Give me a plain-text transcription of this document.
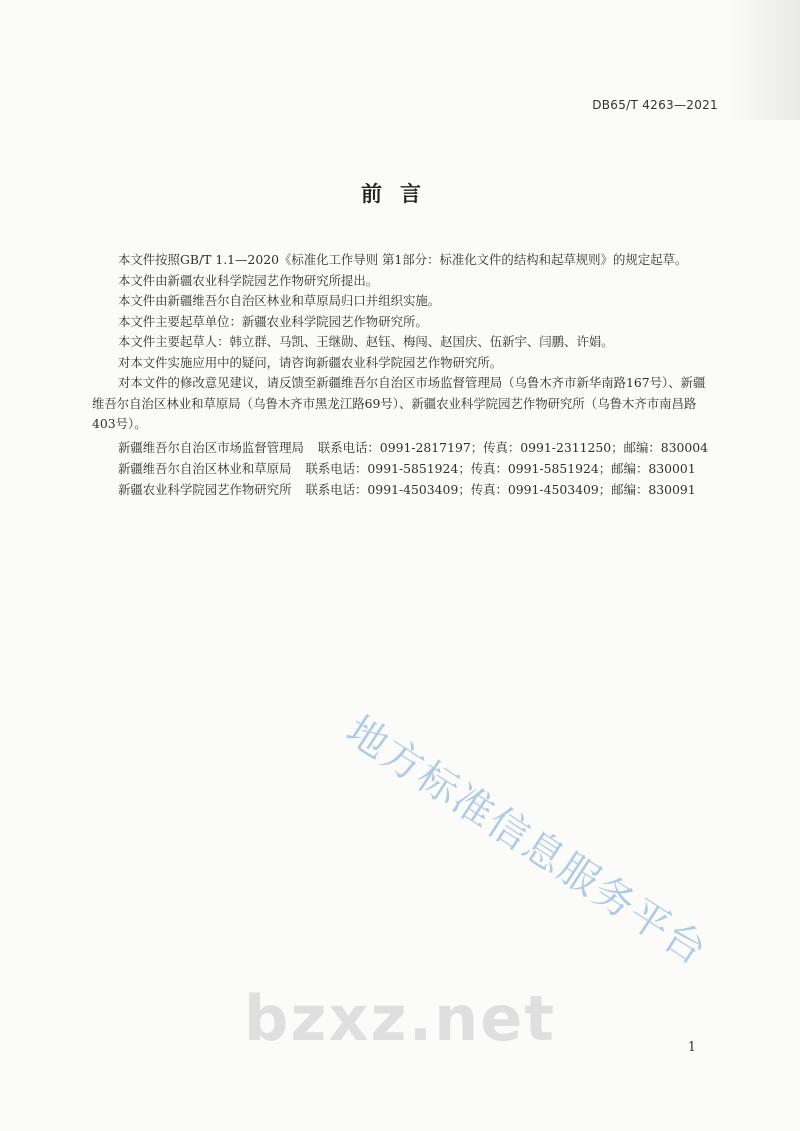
DB65/T 4263—2021
前言

本文件按照GB/T 1.1—2020《标准化工作导则 第1部分：标准化文件的结构和起草规则》的规定起草。

本文件由新疆农业科学院园艺作物研究所提出。

本文件由新疆维吾尔自治区林业和草原局归口并组织实施。

本文件主要起草单位：新疆农业科学院园艺作物研究所。

本文件主要起草人：韩立群、马凯、王继勋、赵钰、梅闯、赵国庆、伍新宇、闫鹏、许娟。

对本文件实施应用中的疑问，请咨询新疆农业科学院园艺作物研究所。

对本文件的修改意见建议，请反馈至新疆维吾尔自治区市场监督管理局（乌鲁木齐市新华南路167号）、新疆维吾尔自治区林业和草原局（乌鲁木齐市黑龙江路69号）、新疆农业科学院园艺作物研究所（乌鲁木齐市南昌路403号）。

新疆维吾尔自治区市场监督管理局 联系电话：0991-2817197；传真：0991-2311250；邮编：830004
新疆维吾尔自治区林业和草原局 联系电话：0991-5851924；传真：0991-5851924；邮编：830001
新疆农业科学院园艺作物研究所 联系电话：0991-4503409；传真：0991-4503409；邮编：830091
地方标准信息服务平台
bzxz.net	1
